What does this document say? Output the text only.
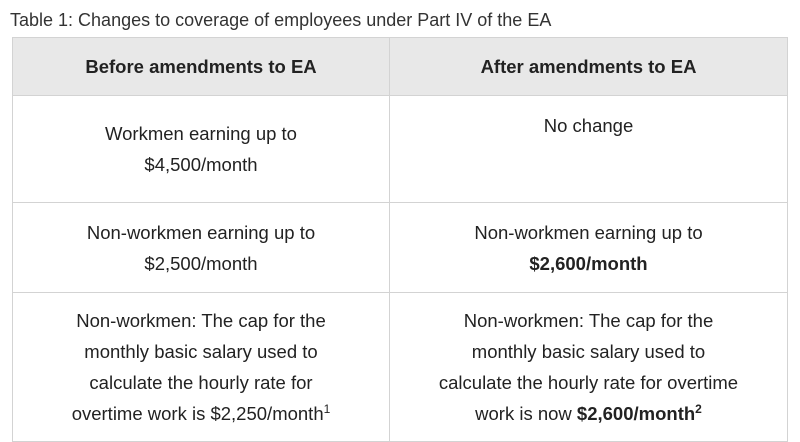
Table 1: Changes to coverage of employees under Part IV of the EA
Before amendments to EA	After amendments to EA

Workmen earning up to
$4,500/month	No change

Non-workmen earning up to
$2,500/month	Non-workmen earning up to
$2,600/month

Non-workmen: The cap for the
monthly basic salary used to
calculate the hourly rate for
overtime work is $2,250/month$^1$	Non-workmen: The cap for the
monthly basic salary used to
calculate the hourly rate for overtime
work is now $2,600/month$^2$
